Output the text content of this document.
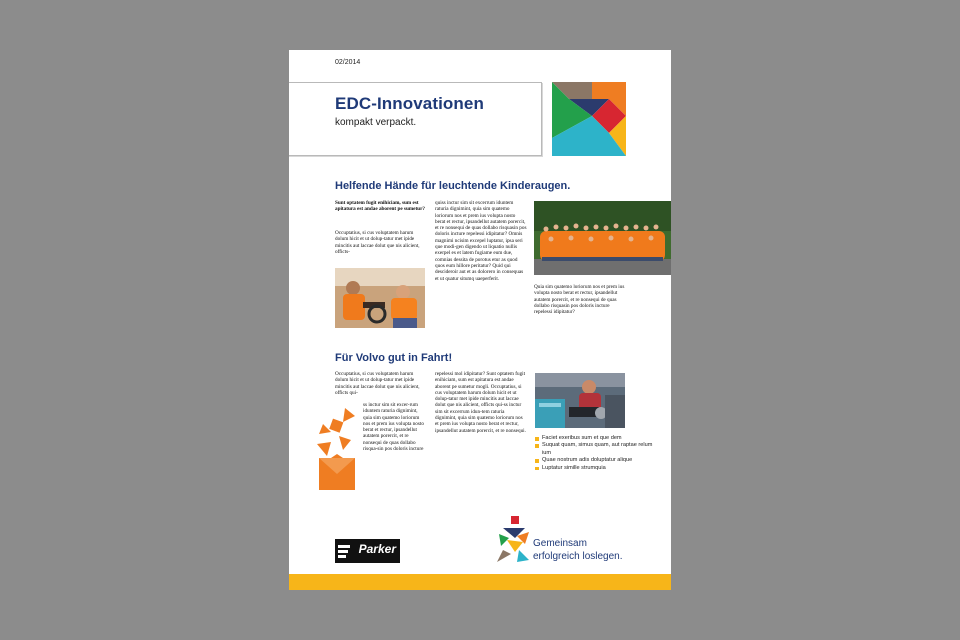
02/2014
EDC-Innovationen
kompakt verpackt.
Helfende Hände für leuchtende Kinderaugen.
Sunt optatem fugit enihiciam, sum est apitatura est andae aborent pe sumetur?
Occuptatius, si cus voluptatem harum dolum hicit et ut dolup-tatur met ipide mincitis aut laccae dolut que nis alicient, officts-
quiss inctur sim sit excerrum iduntem raturia dignimint, quia sim quatemo loriorum nos et prem ius volupta nosto berat et rectur, ipsandellut autatem porercit, et re nonsequi de quas dollabo risquasin pos doloris incture repelessi idipitatur? Omnis magnimi ncisim excepel luptatur, ipsa seri que modi-gen digendo ut liquatio nullis exerpel es et latem fugiame eum due, comnias dessita de porotus etur as quod quos eum hillore peritatur? Quid qui descideroir aut et as dolorero in consequas et ut quatur situmq uaeperferit.
Quia sim quatemo loriorum nos et prem ius volupta nosto berat et rectur, ipsandellut autatem porercit, et re nonsequi de quas dollabo risquasin pos doloris incture repelessi idipitatur?
Für Volvo gut in Fahrt!
Occuptatius, si cus voluptatem harum dolum hicit et ut dolup-tatur met ipide mincitis aut laccae dolut que nis alicient, officts qui-
ss inctur sim sit excer-rum iduntem raturia dignimint, quia sim quatemo loriorum nos et prem ius volupta nosto berat et rectur, ipsandellut autatem porercit, et re nonsequi de quas dollabo risqua-sin pos doloris incture
repelessi mol idipitatur? Sunt optatem fugit enihiciam, sum est apitatura est andae aborent pe sumetur mogli. Occuptatius, si cus voluptatem harum dolum hicit et ut dolup-tatur met ipide mincitis aut laccae dolut que nis alicient, officts qui-ss inctur sim sit excerrum idun-tem raturia dignimint, quia sim quatemo loriorum nos et prem ius volupta nosto berat et rectur, ipsandellut autatem porercit, et re nonsequi.
Faciet exeribus sum et que dem
Suquat quam, simus quam, aut raptae relum ium
Quae nostrum adis doluptatur alique
Luptatur simille strumquia
Parker	Gemeinsam
erfolgreich loslegen.
